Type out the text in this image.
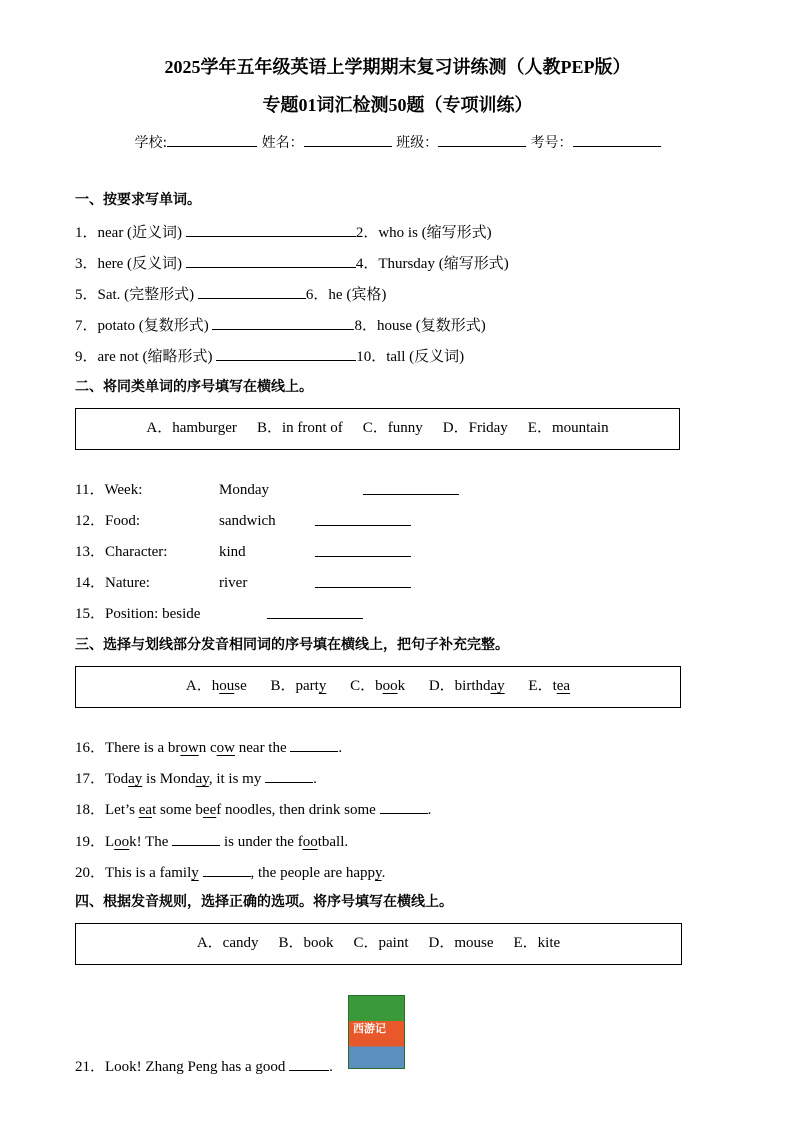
2025学年五年级英语上学期期末复习讲练测（人教PEP版）
专题01词汇检测50题（专项训练）
学校:	姓名：	班级：	考号：
一、按要求写单词。
1．near (近义词)	2．who is (缩写形式)
3．here (反义词)	4．Thursday (缩写形式)
5．Sat. (完整形式)	6．he (宾格)
7．potato (复数形式)	8．house (复数形式)
9．are not (缩略形式)	10．tall (反义词)
二、将同类单词的序号填写在横线上。
A．hamburger B．in front of C．funny D．Friday E．mountain
11．Week:	Monday
12．Food:	sandwich
13．Character:	kind
14．Nature:	river
15．Position: beside
三、选择与划线部分发音相同词的序号填在横线上，把句子补充完整。
A．house B．party C．book D．birthday E．tea
16．There is a brown cow near the	.
17．Today is Monday, it is my	.
18．Let’s eat some beef noodles, then drink some	.
19．Look! The	is under the football.
20．This is a family	, the people are happy.
四、根据发音规则，选择正确的选项。将序号填写在横线上。
A．candy B．book C．paint D．mouse E．kite
西游记
21．Look! Zhang Peng has a good	.
